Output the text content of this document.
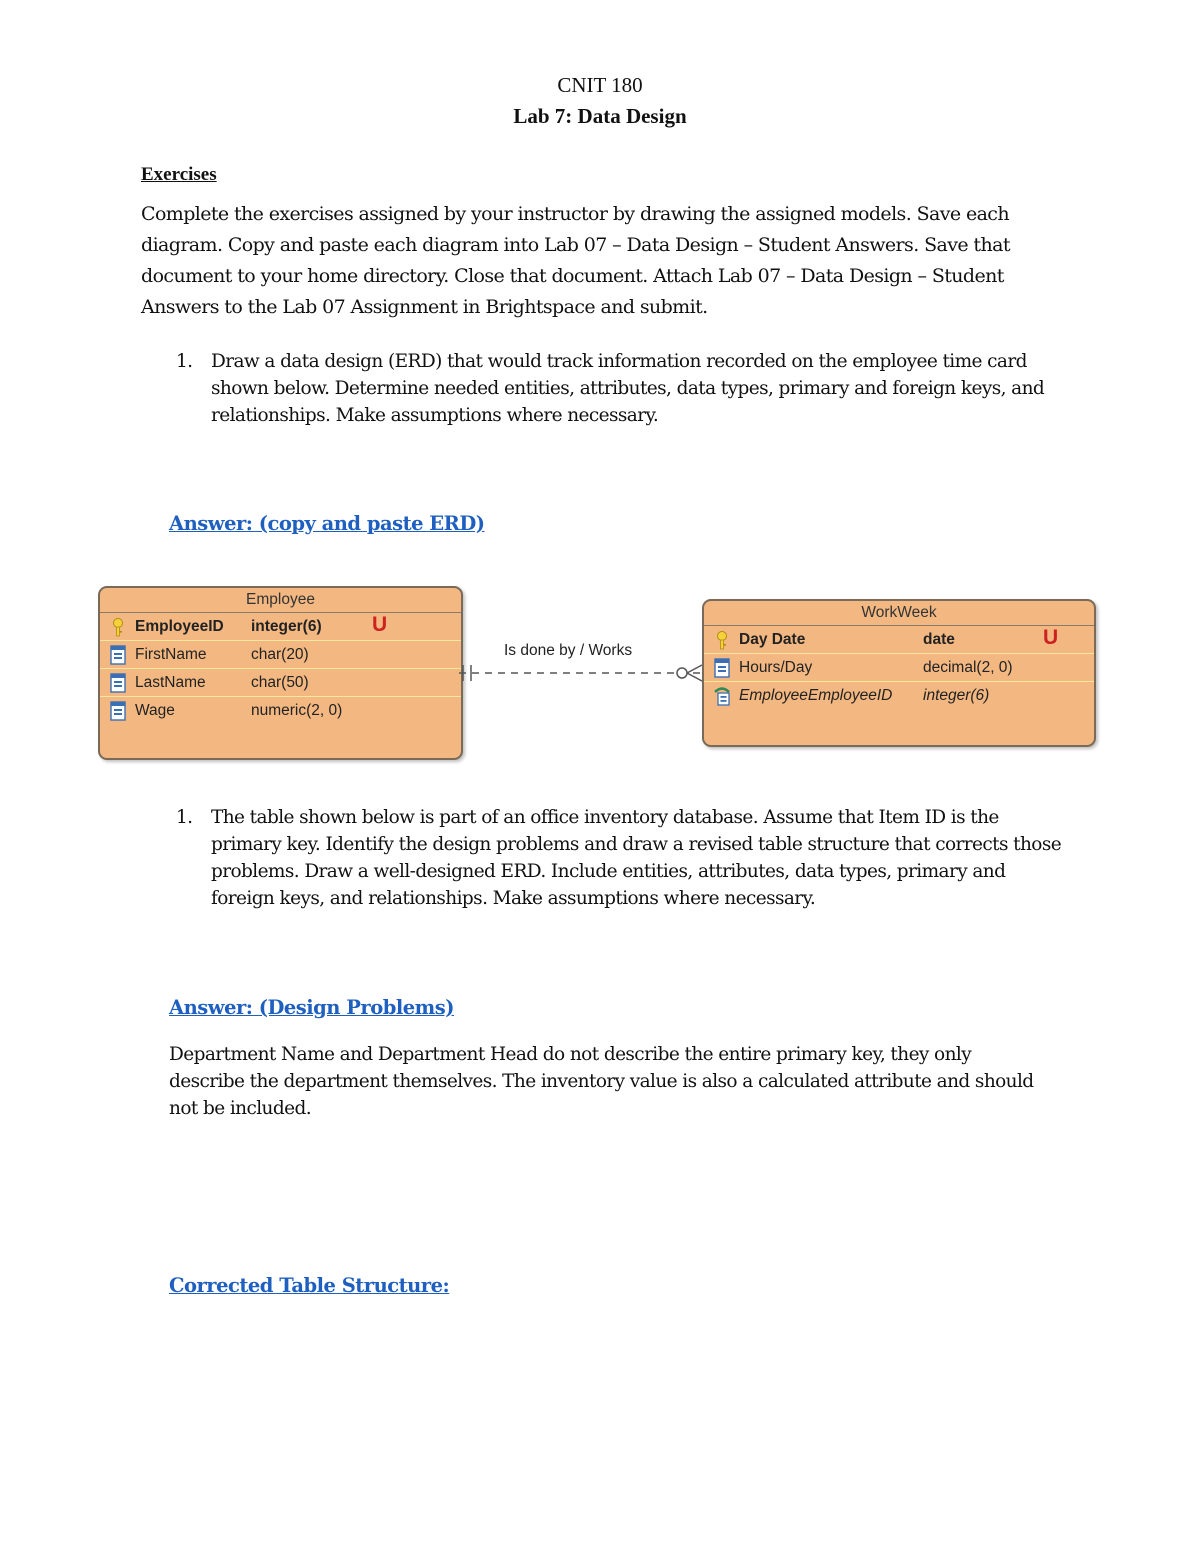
CNIT 180
Lab 7: Data Design
Exercises
Complete the exercises assigned by your instructor by drawing the assigned models. Save each diagram. Copy and paste each diagram into Lab 07 – Data Design – Student Answers. Save that document to your home directory. Close that document. Attach Lab 07 – Data Design – Student Answers to the Lab 07 Assignment in Brightspace and submit.
1. Draw a data design (ERD) that would track information recorded on the employee time card shown below. Determine needed entities, attributes, data types, primary and foreign keys, and relationships. Make assumptions where necessary.
Answer: (copy and paste ERD)
Employee
EmployeeID integer(6) U
FirstName	char(20)
LastName	char(50)
Wage	numeric(2, 0)
Is done by / Works
WorkWeek
Day Date	date	U
Hours/Day	decimal(2, 0)
EmployeeEmployeeID integer(6)
1. The table shown below is part of an office inventory database. Assume that Item ID is the primary key. Identify the design problems and draw a revised table structure that corrects those problems. Draw a well-designed ERD. Include entities, attributes, data types, primary and foreign keys, and relationships. Make assumptions where necessary.
Answer: (Design Problems)
Department Name and Department Head do not describe the entire primary key, they only describe the department themselves. The inventory value is also a calculated attribute and should not be included.
Corrected Table Structure:
